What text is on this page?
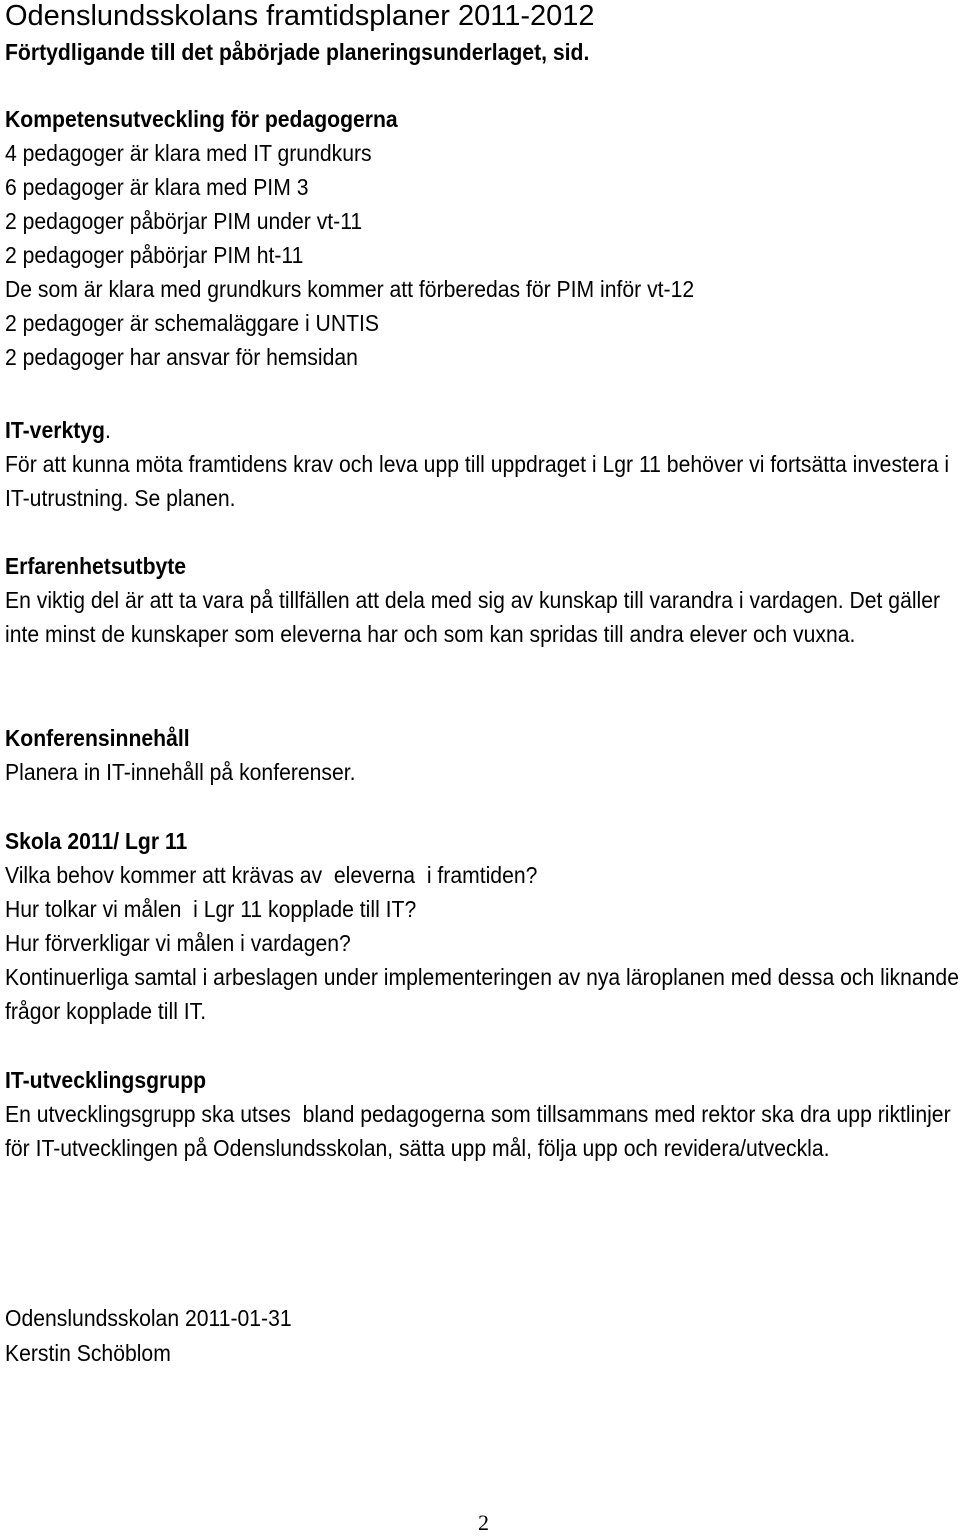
Odenslundsskolans framtidsplaner 2011-2012
Förtydligande till det påbörjade planeringsunderlaget, sid.
Kompetensutveckling för pedagogerna
4 pedagoger är klara med IT grundkurs
6 pedagoger är klara med PIM 3
2 pedagoger påbörjar PIM under vt-11
2 pedagoger påbörjar PIM ht-11
De som är klara med grundkurs kommer att förberedas för PIM inför vt-12
2 pedagoger är schemaläggare i UNTIS
2 pedagoger har ansvar för hemsidan
IT-verktyg.
För att kunna möta framtidens krav och leva upp till uppdraget i Lgr 11 behöver vi fortsätta investera i IT-utrustning. Se planen.
Erfarenhetsutbyte
En viktig del är att ta vara på tillfällen att dela med sig av kunskap till varandra i vardagen. Det gäller inte minst de kunskaper som eleverna har och som kan spridas till andra elever och vuxna.
Konferensinnehåll
Planera in IT-innehåll på konferenser.
Skola 2011/ Lgr 11
Vilka behov kommer att krävas av  eleverna  i framtiden?
Hur tolkar vi målen  i Lgr 11 kopplade till IT?
Hur förverkligar vi målen i vardagen?
Kontinuerliga samtal i arbeslagen under implementeringen av nya läroplanen med dessa och liknande frågor kopplade till IT.
IT-utvecklingsgrupp
En utvecklingsgrupp ska utses  bland pedagogerna som tillsammans med rektor ska dra upp riktlinjer för IT-utvecklingen på Odenslundsskolan, sätta upp mål, följa upp och revidera/utveckla.
Odenslundsskolan 2011-01-31
Kerstin Schöblom
2
